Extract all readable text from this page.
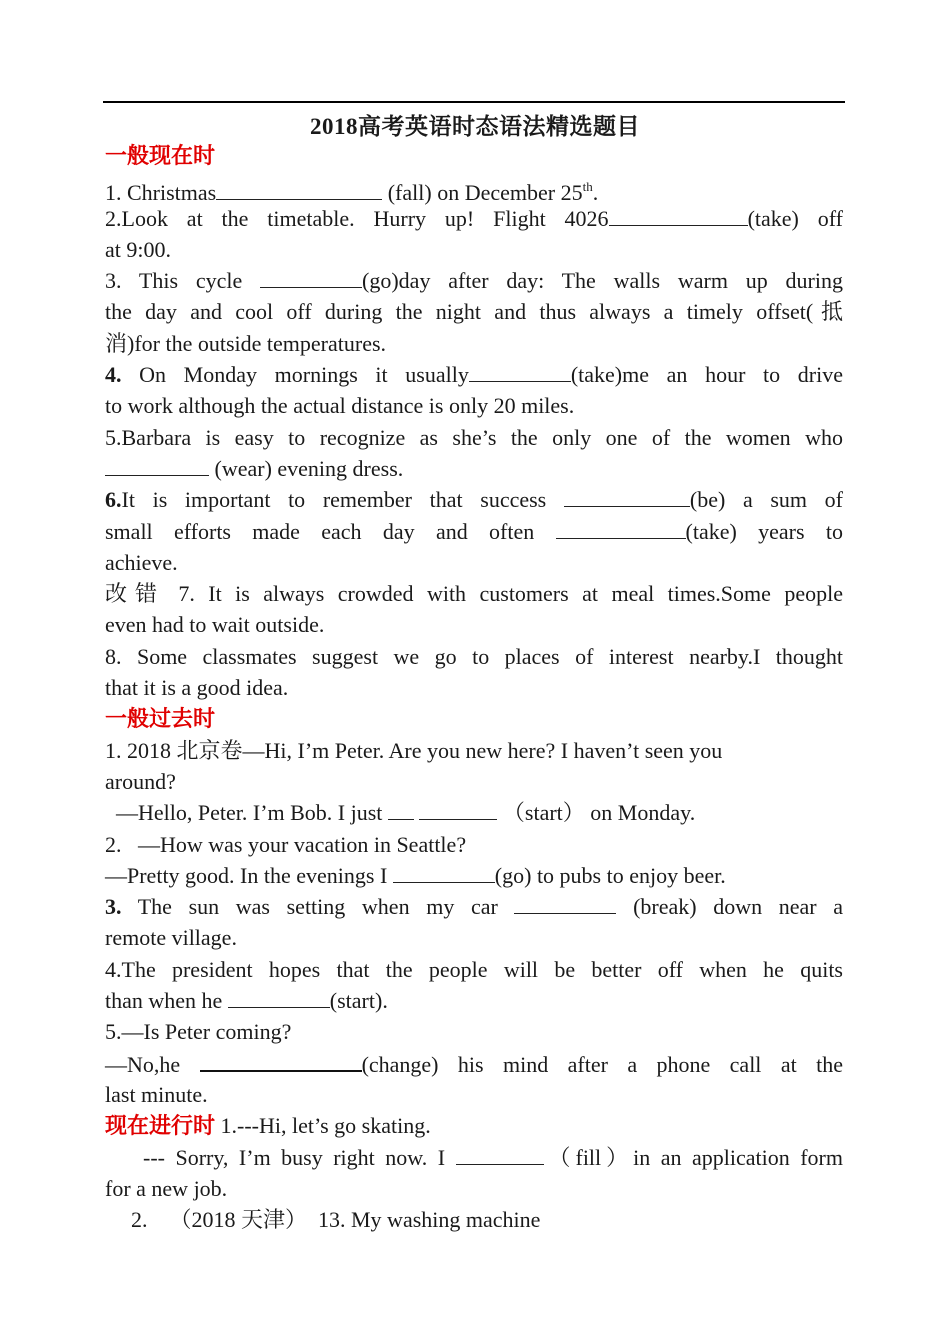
2018高考英语时态语法精选题目
一般现在时
1. Christmas	(fall) on December 25th.
2.Look at the timetable. Hurry up! Flight 4026	(take) off
at 9:00.
3. This cycle	(go)day after day: The walls warm up during
the day and cool off during the night and thus always a timely offset(抵
消)for the outside temperatures.
4. On Monday mornings it usually	(take)me an hour to drive
to work although the actual distance is only 20 miles.
5.Barbara is easy to recognize as she’s the only one of the women who
(wear) evening dress.
6.It is important to remember that success	(be) a sum of
small efforts made each day and often	(take) years to
achieve.
改错 7. It is always crowded with customers at meal times.Some people
even had to wait outside.
8. Some classmates suggest we go to places of interest nearby.I thought
that it is a good idea.
一般过去时
1. 2018 北京卷—Hi, I’m Peter. Are you new here? I haven’t seen you
around?
—Hello, Peter. I’m Bob. I just	（start） on Monday.
2.   —How was your vacation in Seattle?
—Pretty good. In the evenings I	(go) to pubs to enjoy beer.
3. The sun was setting when my car	(break) down near a
remote village.
4.The president hopes that the people will be better off when he quits
than when he	(start).
5.—Is Peter coming?
—No,he	(change) his mind after a phone call at the
last minute.
现在进行时 1.---Hi, let’s go skating.
--- Sorry, I’m busy right now. I	（fill）in an application form
for a new job.
2.    （2018 天津）  13. My washing machine
